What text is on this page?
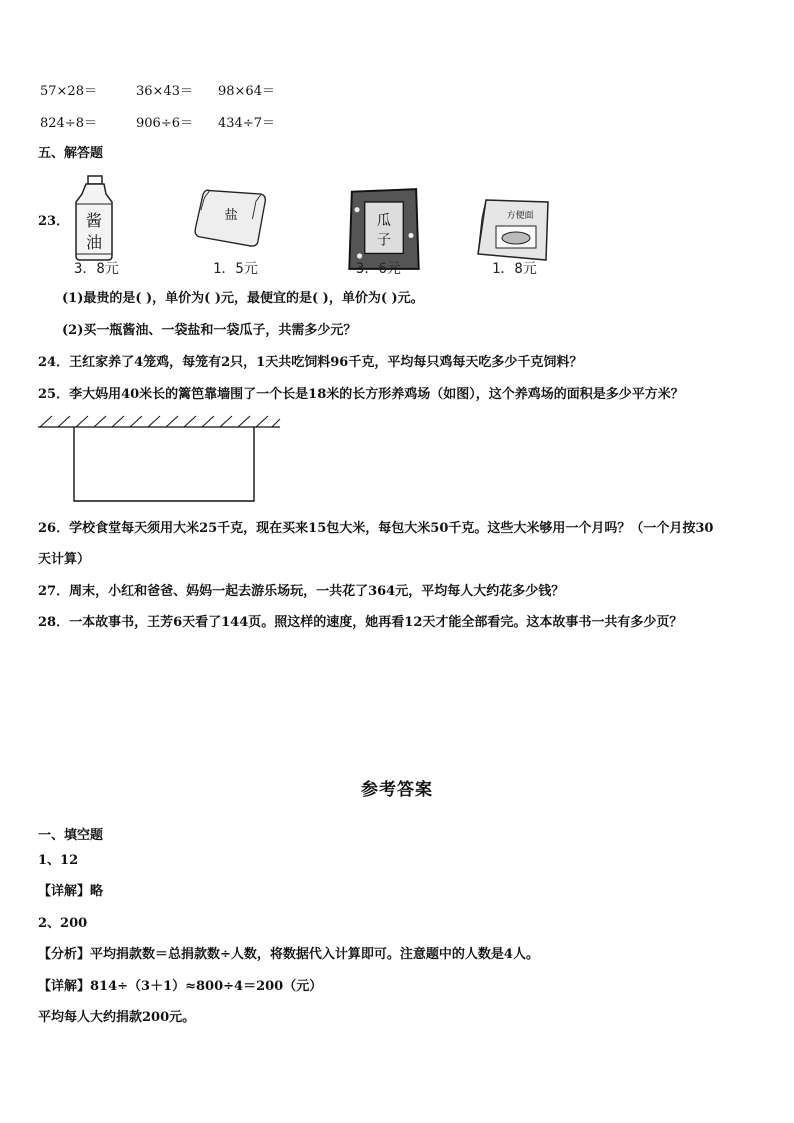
57×28＝	36×43＝ 98×64＝
824÷8＝	906÷6＝ 434÷7＝
五、解答题
23． 酱
油
3．8元
盐
1．5元
瓜
子
3．6元
方便面
1．8元
(1)最贵的是( )，单价为( )元，最便宜的是( )，单价为( )元。
(2)买一瓶酱油、一袋盐和一袋瓜子，共需多少元？
24．王红家养了4笼鸡，每笼有2只，1天共吃饲料96千克，平均每只鸡每天吃多少千克饲料？
25．李大妈用40米长的篱笆靠墙围了一个长是18米的长方形养鸡场（如图），这个养鸡场的面积是多少平方米？
26．学校食堂每天须用大米25千克，现在买来15包大米，每包大米50千克。这些大米够用一个月吗？（一个月按30
天计算）
27．周末，小红和爸爸、妈妈一起去游乐场玩，一共花了364元，平均每人大约花多少钱？
28．一本故事书，王芳6天看了144页。照这样的速度，她再看12天才能全部看完。这本故事书一共有多少页？
参考答案
一、填空题
1、12
【详解】略
2、200
【分析】平均捐款数＝总捐款数÷人数，将数据代入计算即可。注意题中的人数是4人。
【详解】814÷（3＋1）≈800÷4＝200（元）
平均每人大约捐款200元。
